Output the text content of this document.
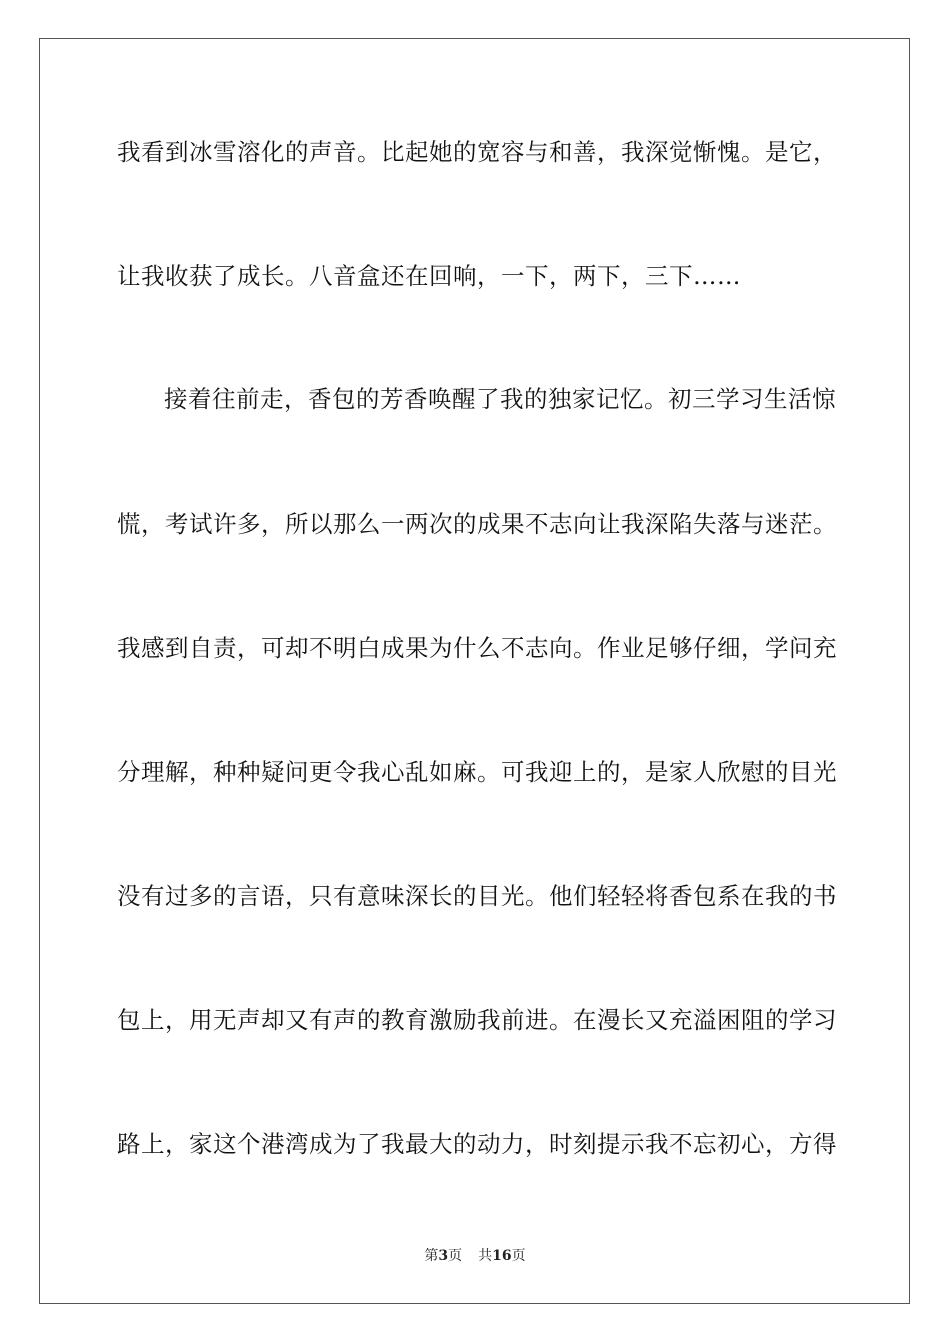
我看到冰雪溶化的声音。比起她的宽容与和善，我深觉惭愧。是它，
让我收获了成长。八音盒还在回响，一下，两下，三下……
接着往前走，香包的芳香唤醒了我的独家记忆。初三学习生活惊
慌，考试许多，所以那么一两次的成果不志向让我深陷失落与迷茫。
我感到自责，可却不明白成果为什么不志向。作业足够仔细，学问充
分理解，种种疑问更令我心乱如麻。可我迎上的，是家人欣慰的目光
没有过多的言语，只有意味深长的目光。他们轻轻将香包系在我的书
包上，用无声却又有声的教育激励我前进。在漫长又充溢困阻的学习
路上，家这个港湾成为了我最大的动力，时刻提示我不忘初心，方得
第3页 共16页
